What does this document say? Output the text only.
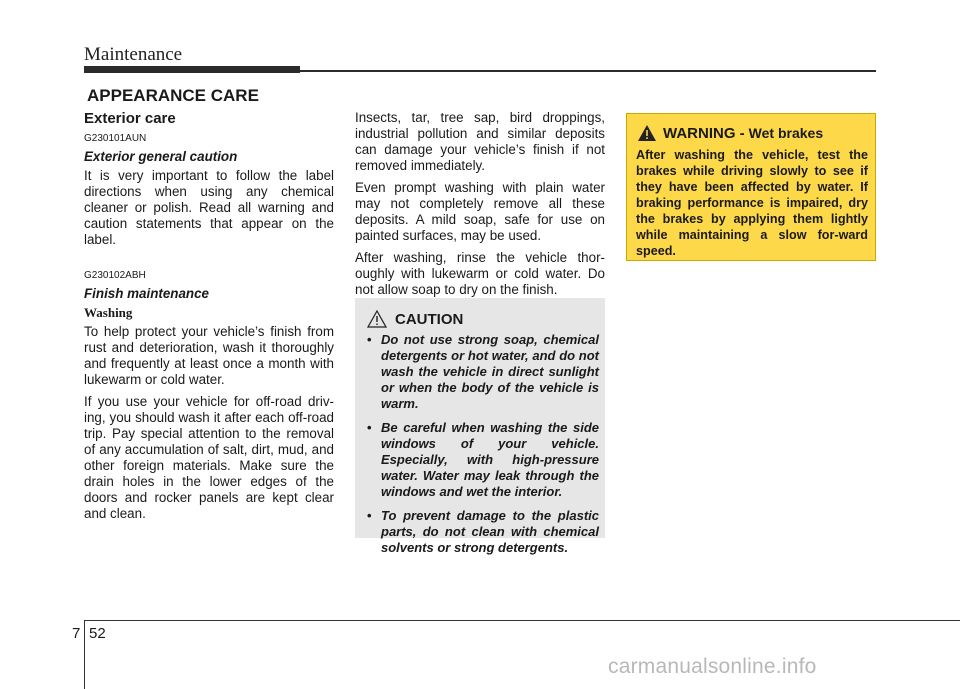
Maintenance
APPEARANCE CARE
Exterior care
G230101AUN
Exterior general caution

It is very important to follow the label directions when using any chemical cleaner or polish. Read all warning and caution statements that appear on the label.

G230102ABH
Finish maintenance
Washing

To help protect your vehicle’s finish from rust and deterioration, wash it thoroughly and frequently at least once a month with lukewarm or cold water.

If you use your vehicle for off-road driv-ing, you should wash it after each off-road trip. Pay special attention to the removal of any accumulation of salt, dirt, mud, and other foreign materials. Make sure the drain holes in the lower edges of the doors and rocker panels are kept clear and clean.

Insects, tar, tree sap, bird droppings, industrial pollution and similar deposits can damage your vehicle’s finish if not removed immediately.

Even prompt washing with plain water may not completely remove all these deposits. A mild soap, safe for use on painted surfaces, may be used.

After washing, rinse the vehicle thor-oughly with lukewarm or cold water. Do not allow soap to dry on the finish.

CAUTION
• Do not use strong soap, chemical detergents or hot water, and do not wash the vehicle in direct sunlight or when the body of the vehicle is warm.
• Be careful when washing the side windows of your vehicle. Especially, with high-pressure water. Water may leak through the windows and wet the interior.
• To prevent damage to the plastic parts, do not clean with chemical solvents or strong detergents.
WARNING - Wet brakes

After washing the vehicle, test the brakes while driving slowly to see if they have been affected by water. If braking performance is impaired, dry the brakes by applying them lightly while maintaining a slow for-ward speed.

7 52
carmanualsonline.info
